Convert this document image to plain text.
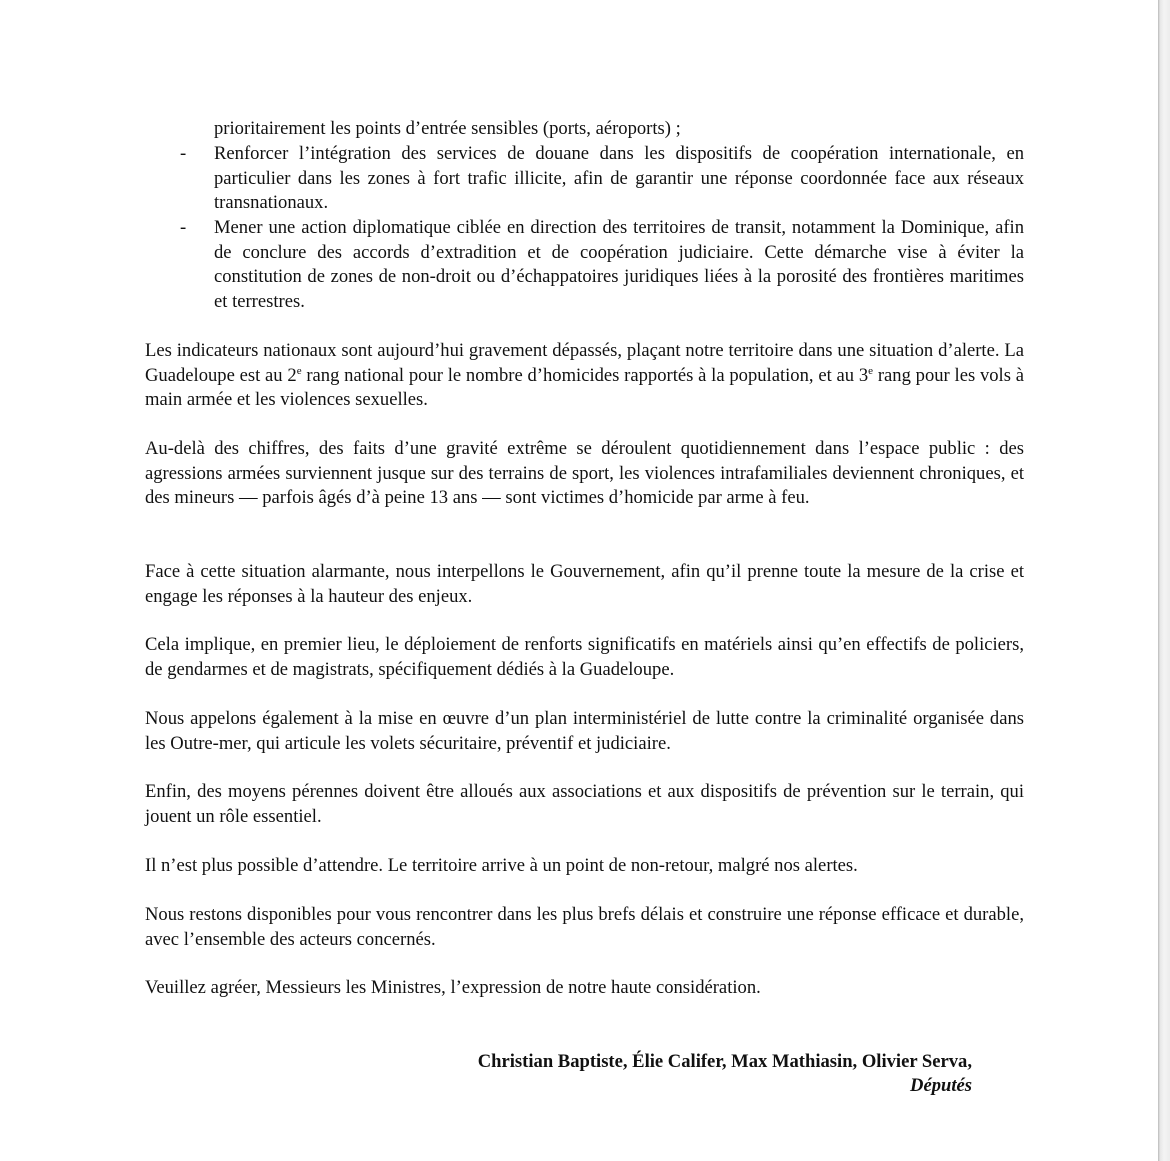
prioritairement les points d’entrée sensibles (ports, aéroports) ;

- Renforcer l’intégration des services de douane dans les dispositifs de coopération internationale, en particulier dans les zones à fort trafic illicite, afin de garantir une réponse coordonnée face aux réseaux transnationaux.

- Mener une action diplomatique ciblée en direction des territoires de transit, notamment la Dominique, afin de conclure des accords d’extradition et de coopération judiciaire. Cette démarche vise à éviter la constitution de zones de non-droit ou d’échappatoires juridiques liées à la porosité des frontières maritimes et terrestres.

Les indicateurs nationaux sont aujourd’hui gravement dépassés, plaçant notre territoire dans une situation d’alerte. La Guadeloupe est au 2e rang national pour le nombre d’homicides rapportés à la population, et au 3e rang pour les vols à main armée et les violences sexuelles.

Au-delà des chiffres, des faits d’une gravité extrême se déroulent quotidiennement dans l’espace public : des agressions armées surviennent jusque sur des terrains de sport, les violences intrafamiliales deviennent chroniques, et des mineurs — parfois âgés d’à peine 13 ans — sont victimes d’homicide par arme à feu.

Face à cette situation alarmante, nous interpellons le Gouvernement, afin qu’il prenne toute la mesure de la crise et engage les réponses à la hauteur des enjeux.

Cela implique, en premier lieu, le déploiement de renforts significatifs en matériels ainsi qu’en effectifs de policiers, de gendarmes et de magistrats, spécifiquement dédiés à la Guadeloupe.

Nous appelons également à la mise en œuvre d’un plan interministériel de lutte contre la criminalité organisée dans les Outre-mer, qui articule les volets sécuritaire, préventif et judiciaire.

Enfin, des moyens pérennes doivent être alloués aux associations et aux dispositifs de prévention sur le terrain, qui jouent un rôle essentiel.

Il n’est plus possible d’attendre. Le territoire arrive à un point de non-retour, malgré nos alertes.

Nous restons disponibles pour vous rencontrer dans les plus brefs délais et construire une réponse efficace et durable, avec l’ensemble des acteurs concernés.

Veuillez agréer, Messieurs les Ministres, l’expression de notre haute considération.

Christian Baptiste, Élie Califer, Max Mathiasin, Olivier Serva,

Députés
